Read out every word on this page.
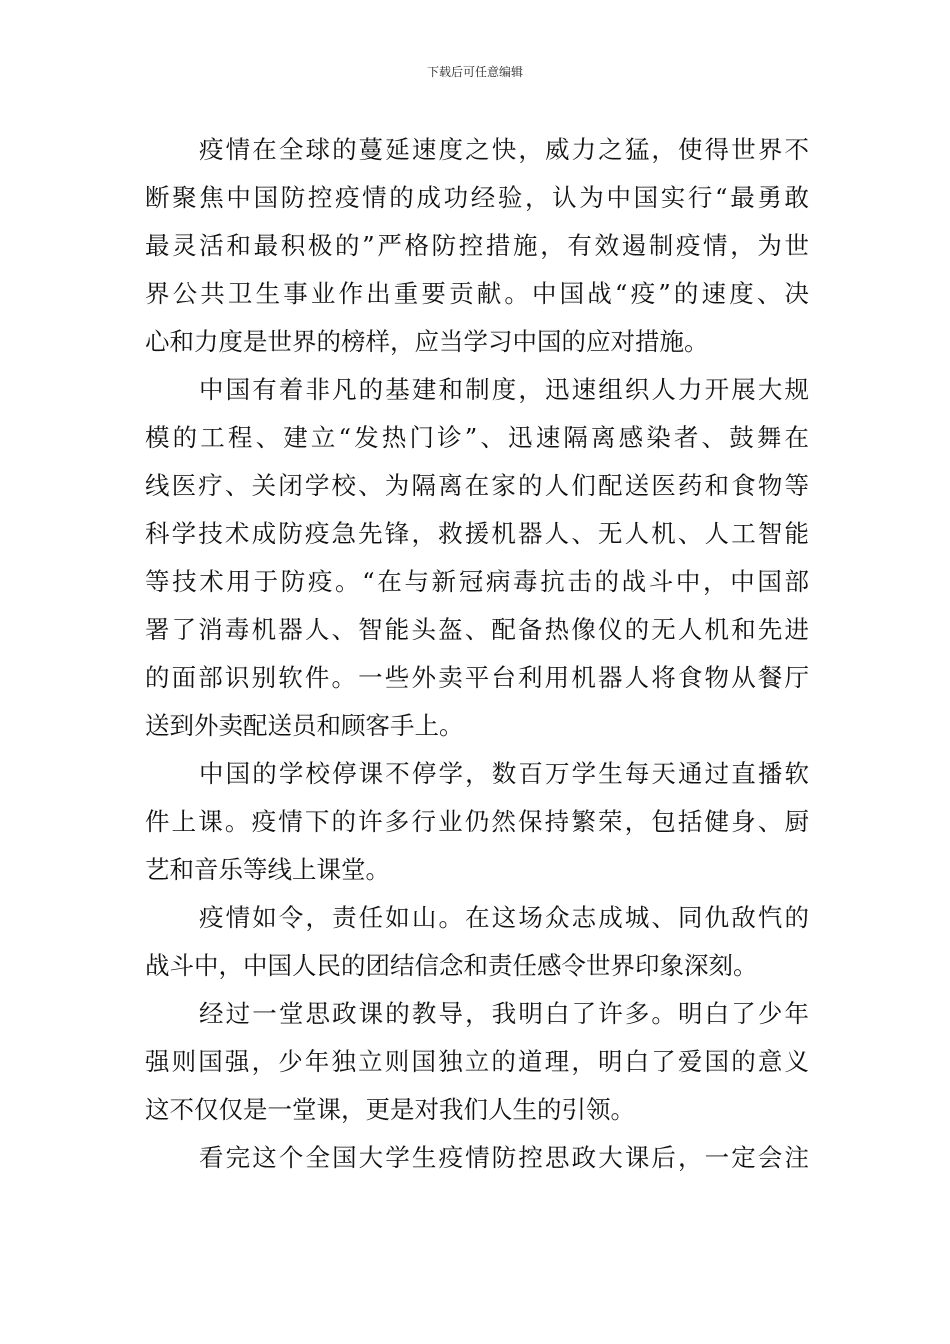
下载后可任意编辑
疫情在全球的蔓延速度之快，威力之猛，使得世界不
断聚焦中国防控疫情的成功经验，认为中国实行“最勇敢
最灵活和最积极的”严格防控措施，有效遏制疫情，为世
界公共卫生事业作出重要贡献。中国战“疫”的速度、决
心和力度是世界的榜样，应当学习中国的应对措施。
中国有着非凡的基建和制度，迅速组织人力开展大规
模的工程、建立“发热门诊”、迅速隔离感染者、鼓舞在
线医疗、关闭学校、为隔离在家的人们配送医药和食物等
科学技术成防疫急先锋，救援机器人、无人机、人工智能
等技术用于防疫。“在与新冠病毒抗击的战斗中，中国部
署了消毒机器人、智能头盔、配备热像仪的无人机和先进
的面部识别软件。一些外卖平台利用机器人将食物从餐厅
送到外卖配送员和顾客手上。
中国的学校停课不停学，数百万学生每天通过直播软
件上课。疫情下的许多行业仍然保持繁荣，包括健身、厨
艺和音乐等线上课堂。
疫情如令，责任如山。在这场众志成城、同仇敌忾的
战斗中，中国人民的团结信念和责任感令世界印象深刻。
经过一堂思政课的教导，我明白了许多。明白了少年
强则国强，少年独立则国独立的道理，明白了爱国的意义
这不仅仅是一堂课，更是对我们人生的引领。
看完这个全国大学生疫情防控思政大课后，一定会注
